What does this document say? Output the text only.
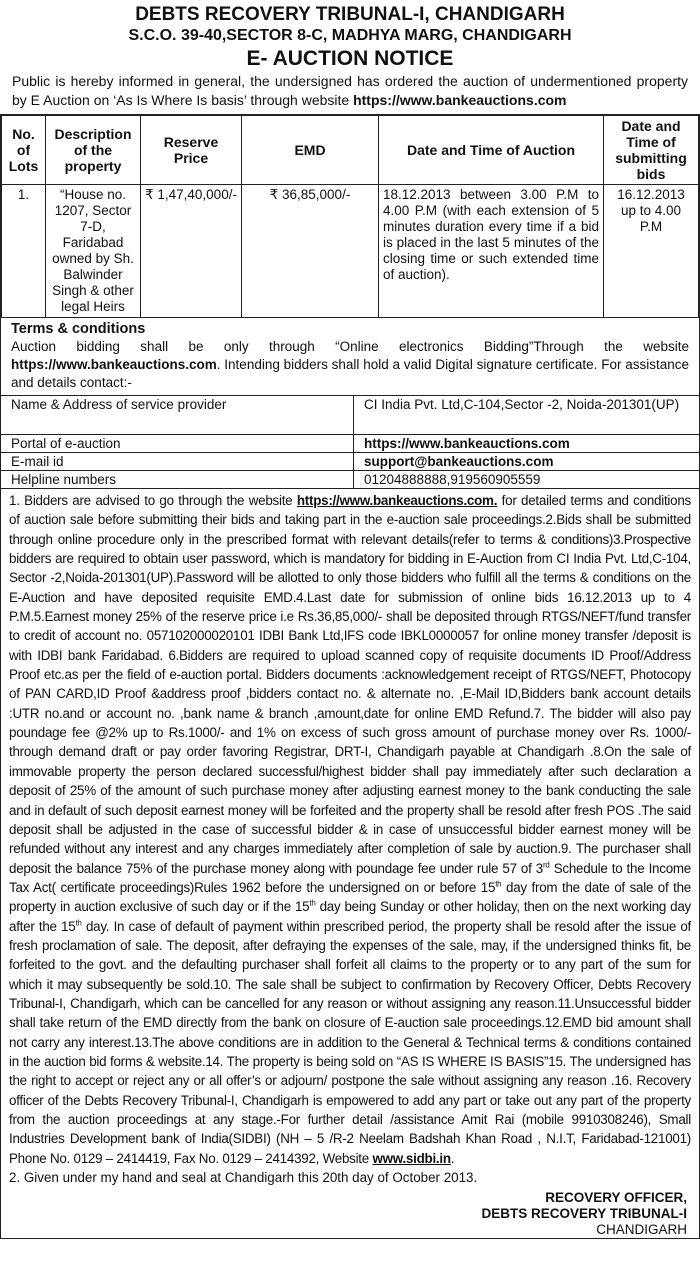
DEBTS RECOVERY TRIBUNAL-I, CHANDIGARH
S.C.O. 39-40,SECTOR 8-C, MADHYA MARG, CHANDIGARH
E- AUCTION NOTICE
Public is hereby informed in general, the undersigned has ordered the auction of undermentioned property by E Auction on ‘As Is Where Is basis’ through website https://www.bankeauctions.com
No. of Lots	Description of the property	Reserve Price	EMD	Date and Time of Auction	Date and Time of submitting bids
1.	“House no. 1207, Sector 7-D, Faridabad owned by Sh. Balwinder Singh & other legal Heirs	₹ 1,47,40,000/-	₹ 36,85,000/-	18.12.2013 between 3.00 P.M to 4.00 P.M (with each extension of 5 minutes duration every time if a bid is placed in the last 5 minutes of the closing time or such extended time of auction).	16.12.2013 up to 4.00 P.M
Terms & conditions
Auction bidding shall be only through “Online electronics Bidding”Through the website https://www.bankeauctions.com. Intending bidders shall hold a valid Digital signature certificate. For assistance and details contact:-
Name & Address of service provider	CI India Pvt. Ltd,C-104,Sector -2, Noida-201301(UP)
Portal of e-auction	https://www.bankeauctions.com
E-mail id	support@bankeauctions.com
Helpline numbers	01204888888,919560905559
1. Bidders are advised to go through the website https://www.bankeauctions.com. for detailed terms and conditions of auction sale before submitting their bids and taking part in the e-auction sale proceedings.2.Bids shall be submitted through online procedure only in the prescribed format with relevant details(refer to terms & conditions)3.Prospective bidders are required to obtain user password, which is mandatory for bidding in E-Auction from CI India Pvt. Ltd,C-104, Sector -2,Noida-201301(UP).Password will be allotted to only those bidders who fulfill all the terms & conditions on the E-Auction and have deposited requisite EMD.4.Last date for submission of online bids 16.12.2013 up to 4 P.M.5.Earnest money 25% of the reserve price i.e Rs.36,85,000/- shall be deposited through RTGS/NEFT/fund transfer to credit of account no. 057102000020101 IDBI Bank Ltd,IFS code IBKL0000057 for online money transfer /deposit is with IDBI bank Faridabad. 6.Bidders are required to upload scanned copy of requisite documents ID Proof/Address Proof etc.as per the field of e-auction portal. Bidders documents :acknowledgement receipt of RTGS/NEFT, Photocopy of PAN CARD,ID Proof &address proof ,bidders contact no. & alternate no. ,E-Mail ID,Bidders bank account details :UTR no.and or account no. ,bank name & branch ,amount,date for online EMD Refund.7. The bidder will also pay poundage fee @2% up to Rs.1000/- and 1% on excess of such gross amount of purchase money over Rs. 1000/- through demand draft or pay order favoring Registrar, DRT-I, Chandigarh payable at Chandigarh .8.On the sale of immovable property the person declared successful/highest bidder shall pay immediately after such declaration a deposit of 25% of the amount of such purchase money after adjusting earnest money to the bank conducting the sale and in default of such deposit earnest money will be forfeited and the property shall be resold after fresh POS .The said deposit shall be adjusted in the case of successful bidder & in case of unsuccessful bidder earnest money will be refunded without any interest and any charges immediately after completion of sale by auction.9. The purchaser shall deposit the balance 75% of the purchase money along with poundage fee under rule 57 of 3rd Schedule to the Income Tax Act( certificate proceedings)Rules 1962 before the undersigned on or before 15th day from the date of sale of the property in auction exclusive of such day or if the 15th day being Sunday or other holiday, then on the next working day after the 15th day. In case of default of payment within prescribed period, the property shall be resold after the issue of fresh proclamation of sale. The deposit, after defraying the expenses of the sale, may, if the undersigned thinks fit, be forfeited to the govt. and the defaulting purchaser shall forfeit all claims to the property or to any part of the sum for which it may subsequently be sold.10. The sale shall be subject to confirmation by Recovery Officer, Debts Recovery Tribunal-I, Chandigarh, which can be cancelled for any reason or without assigning any reason.11.Unsuccessful bidder shall take return of the EMD directly from the bank on closure of E-auction sale proceedings.12.EMD bid amount shall not carry any interest.13.The above conditions are in addition to the General & Technical terms & conditions contained in the auction bid forms & website.14. The property is being sold on “AS IS WHERE IS BASIS”15. The undersigned has the right to accept or reject any or all offer’s or adjourn/ postpone the sale without assigning any reason .16. Recovery officer of the Debts Recovery Tribunal-I, Chandigarh is empowered to add any part or take out any part of the property from the auction proceedings at any stage.-For further detail /assistance Amit Rai (mobile 9910308246), Small Industries Development bank of India(SIDBI) (NH – 5 /R-2 Neelam Badshah Khan Road , N.I.T, Faridabad-121001) Phone No. 0129 – 2414419, Fax No. 0129 – 2414392, Website www.sidbi.in.
2. Given under my hand and seal at Chandigarh this 20th day of October 2013.
RECOVERY OFFICER,
DEBTS RECOVERY TRIBUNAL-I
CHANDIGARH
